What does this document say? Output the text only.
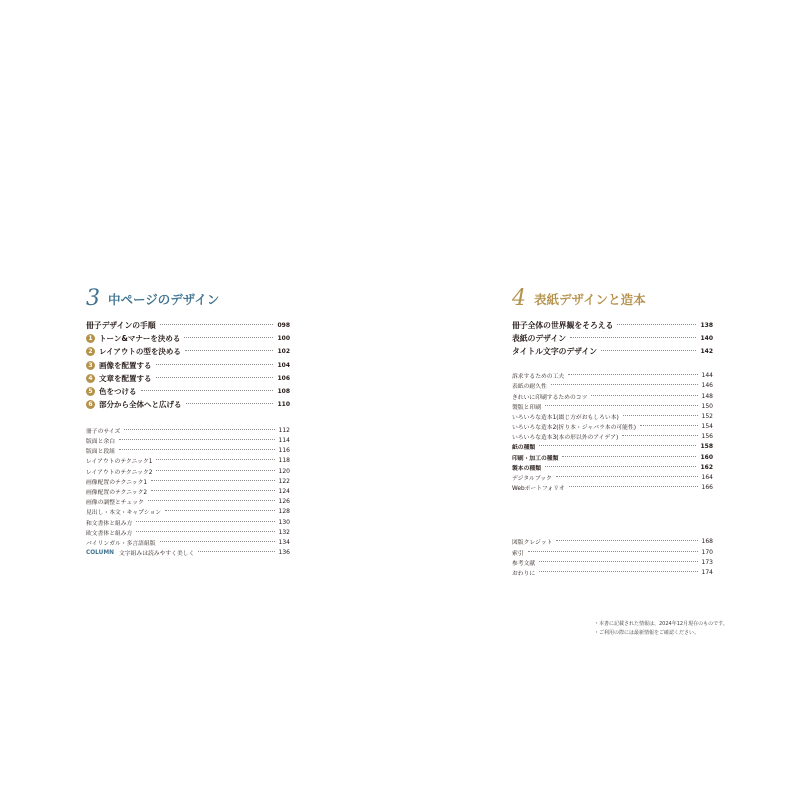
3 中ページのデザイン
冊子デザインの手順	098
1 トーン&マナーを決める	100
2 レイアウトの型を決める	102
3 画像を配置する	104
4 文章を配置する	106
5 色をつける	108
6 部分から全体へと広げる	110
冊子のサイズ	112
版面と余白	114
版面と段組	116
レイアウトのテクニック1	118
レイアウトのテクニック2	120
画像配置のテクニック1	122
画像配置のテクニック2	124
画像の調整とチェック	126
見出し・本文・キャプション	128
和文書体と組み方	130
欧文書体と組み方	132
バイリンガル・多言語組版	134
COLUMN 文字組みは読みやすく美しく	136
4 表紙デザインと造本
冊子全体の世界観をそろえる	138
表紙のデザイン	140
タイトル文字のデザイン	142
訴求するための工夫	144
表紙の耐久性	146
きれいに印刷するためのコツ	148
製版と印刷	150
いろいろな造本1(綴じ方がおもしろい本)	152
いろいろな造本2(折り本・ジャバラ本の可能性)	154
いろいろな造本3(本の形以外のアイデア)	156
紙の種類	158
印刷・加工の種類	160
製本の種類	162
デジタルブック	164
Webポートフォリオ	166
図版クレジット	168
索引	170
参考文献	173
おわりに	174
・本書に記載された情報は、2024年12月現在のものです。
・ご利用の際には最新情報をご確認ください。
